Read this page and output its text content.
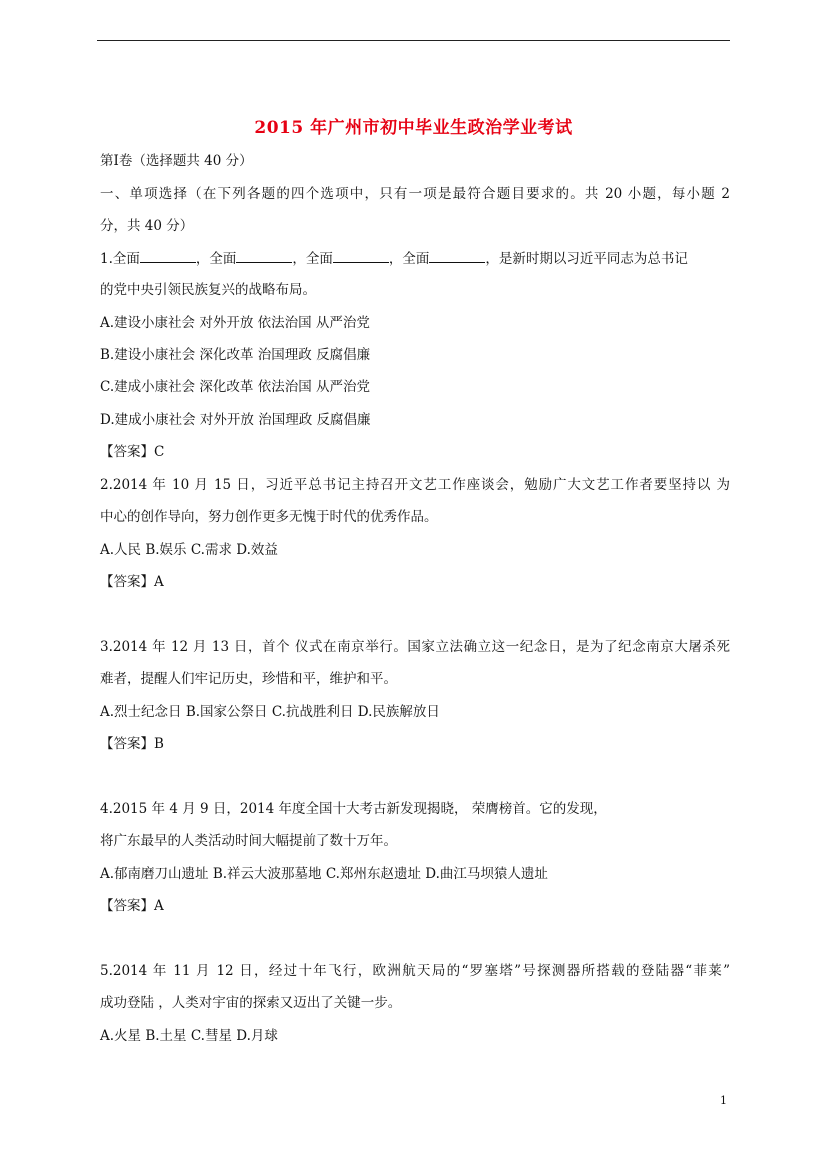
2015 年广州市初中毕业生政治学业考试
第Ⅰ卷（选择题共 40 分）
一、单项选择（在下列各题的四个选项中，只有一项是最符合题目要求的。共 20 小题，每小题 2
分，共 40 分）
1.全面	，全面	，全面	，全面	，是新时期以习近平同志为总书记
的党中央引领民族复兴的战略布局。
A.建设小康社会 对外开放 依法治国 从严治党
B.建设小康社会 深化改革 治国理政 反腐倡廉
C.建成小康社会 深化改革 依法治国 从严治党
D.建成小康社会 对外开放 治国理政 反腐倡廉
【答案】C
2.2014 年 10 月 15 日，习近平总书记主持召开文艺工作座谈会，勉励广大文艺工作者要坚持以 为
中心的创作导向，努力创作更多无愧于时代的优秀作品。
A.人民 B.娱乐 C.需求 D.效益
【答案】A
3.2014 年 12 月 13 日，首个 仪式在南京举行。国家立法确立这一纪念日，是为了纪念南京大屠杀死
难者，提醒人们牢记历史，珍惜和平，维护和平。
A.烈士纪念日 B.国家公祭日 C.抗战胜利日 D.民族解放日
【答案】B
4.2015 年 4 月 9 日，2014 年度全国十大考古新发现揭晓， 荣膺榜首。它的发现，
将广东最早的人类活动时间大幅提前了数十万年。
A.郁南磨刀山遗址 B.祥云大波那墓地 C.郑州东赵遗址 D.曲江马坝猿人遗址
【答案】A
5.2014 年 11 月 12 日，经过十年飞行，欧洲航天局的“罗塞塔”号探测器所搭载的登陆器“菲莱”
成功登陆 ，人类对宇宙的探索又迈出了关键一步。
A.火星 B.土星 C.彗星 D.月球
1
